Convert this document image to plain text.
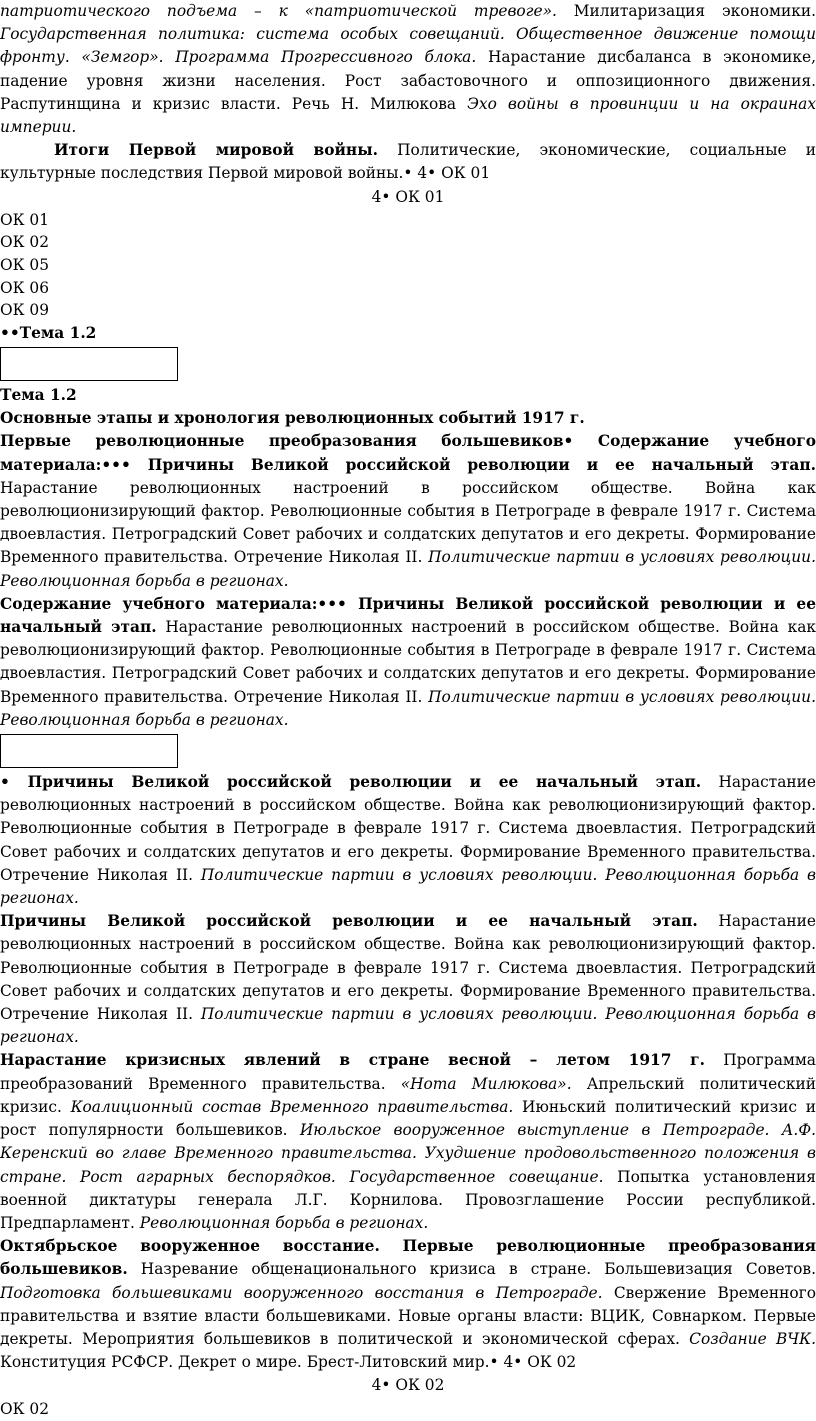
патриотического подъема – к «патриотической тревоге». Милитаризация экономики. Государственная политика: система особых совещаний. Общественное движение помощи фронту. «Земгор». Программа Прогрессивного блока. Нарастание дисбаланса в экономике, падение уровня жизни населения. Рост забастовочного и оппозиционного движения. Распутинщина и кризис власти. Речь Н. Милюкова Эхо войны в провинции и на окраинах империи.

Итоги Первой мировой войны. Политические, экономические, социальные и культурные последствия Первой мировой войны.• 4• ОК 01

4• ОК 01

ОК 01

ОК 02

ОК 05

ОК 06

ОК 09

••Тема 1.2

Тема 1.2

Основные этапы и хронология революционных событий 1917 г.

Первые революционные преобразования большевиков• Содержание учебного материала:••• Причины Великой российской революции и ее начальный этап. Нарастание революционных настроений в российском обществе. Война как революционизирующий фактор. Революционные события в Петрограде в феврале 1917 г. Система двоевластия. Петроградский Совет рабочих и солдатских депутатов и его декреты. Формирование Временного правительства. Отречение Николая II. Политические партии в условиях революции. Революционная борьба в регионах.

Содержание учебного материала:••• Причины Великой российской революции и ее начальный этап. Нарастание революционных настроений в российском обществе. Война как революционизирующий фактор. Революционные события в Петрограде в феврале 1917 г. Система двоевластия. Петроградский Совет рабочих и солдатских депутатов и его декреты. Формирование Временного правительства. Отречение Николая II. Политические партии в условиях революции. Революционная борьба в регионах.

• Причины Великой российской революции и ее начальный этап. Нарастание революционных настроений в российском обществе. Война как революционизирующий фактор. Революционные события в Петрограде в феврале 1917 г. Система двоевластия. Петроградский Совет рабочих и солдатских депутатов и его декреты. Формирование Временного правительства. Отречение Николая II. Политические партии в условиях революции. Революционная борьба в регионах.

Причины Великой российской революции и ее начальный этап. Нарастание революционных настроений в российском обществе. Война как революционизирующий фактор. Революционные события в Петрограде в феврале 1917 г. Система двоевластия. Петроградский Совет рабочих и солдатских депутатов и его декреты. Формирование Временного правительства. Отречение Николая II. Политические партии в условиях революции. Революционная борьба в регионах.

Нарастание кризисных явлений в стране весной – летом 1917 г. Программа преобразований Временного правительства. «Нота Милюкова». Апрельский политический кризис. Коалиционный состав Временного правительства. Июньский политический кризис и рост популярности большевиков. Июльское вооруженное выступление в Петрограде. А.Ф. Керенский во главе Временного правительства. Ухудшение продовольственного положения в стране. Рост аграрных беспорядков. Государственное совещание. Попытка установления военной диктатуры генерала Л.Г. Корнилова. Провозглашение России республикой. Предпарламент. Революционная борьба в регионах.

Октябрьское вооруженное восстание. Первые революционные преобразования большевиков. Назревание общенационального кризиса в стране. Большевизация Советов. Подготовка большевиками вооруженного восстания в Петрограде. Свержение Временного правительства и взятие власти большевиками. Новые органы власти: ВЦИК, Совнарком. Первые декреты. Мероприятия большевиков в политической и экономической сферах. Создание ВЧК. Конституция РСФСР. Декрет о мире. Брест-Литовский мир.• 4• ОК 02

4• ОК 02

ОК 02
